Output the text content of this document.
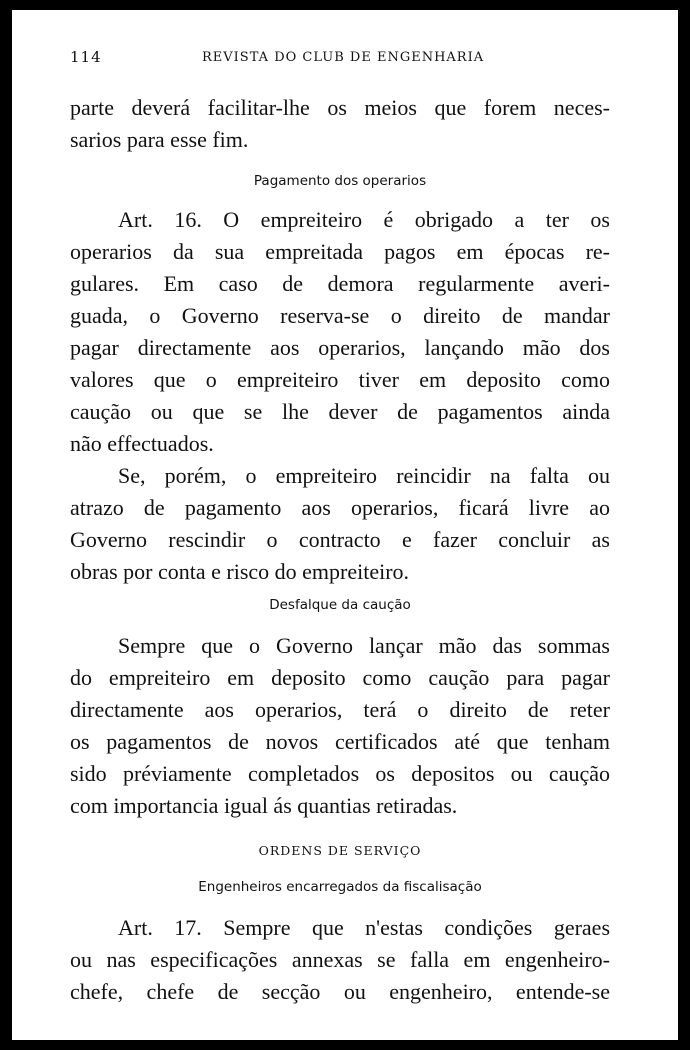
114	REVISTA DO CLUB DE ENGENHARIA
parte deverá facilitar-lhe os meios que forem neces-
sarios para esse fim.
Pagamento dos operarios
Art. 16. O empreiteiro é obrigado a ter os
operarios da sua empreitada pagos em épocas re-
gulares. Em caso de demora regularmente averi-
guada, o Governo reserva-se o direito de mandar
pagar directamente aos operarios, lançando mão dos
valores que o empreiteiro tiver em deposito como
caução ou que se lhe dever de pagamentos ainda
não effectuados.
Se, porém, o empreiteiro reincidir na falta ou
atrazo de pagamento aos operarios, ficará livre ao
Governo rescindir o contracto e fazer concluir as
obras por conta e risco do empreiteiro.
Desfalque da caução
Sempre que o Governo lançar mão das sommas
do empreiteiro em deposito como caução para pagar
directamente aos operarios, terá o direito de reter
os pagamentos de novos certificados até que tenham
sido préviamente completados os depositos ou caução
com importancia igual ás quantias retiradas.
ORDENS DE SERVIÇO
Engenheiros encarregados da fiscalisação
Art. 17. Sempre que n'estas condições geraes
ou nas especificações annexas se falla em engenheiro-
chefe, chefe de secção ou engenheiro, entende-se
